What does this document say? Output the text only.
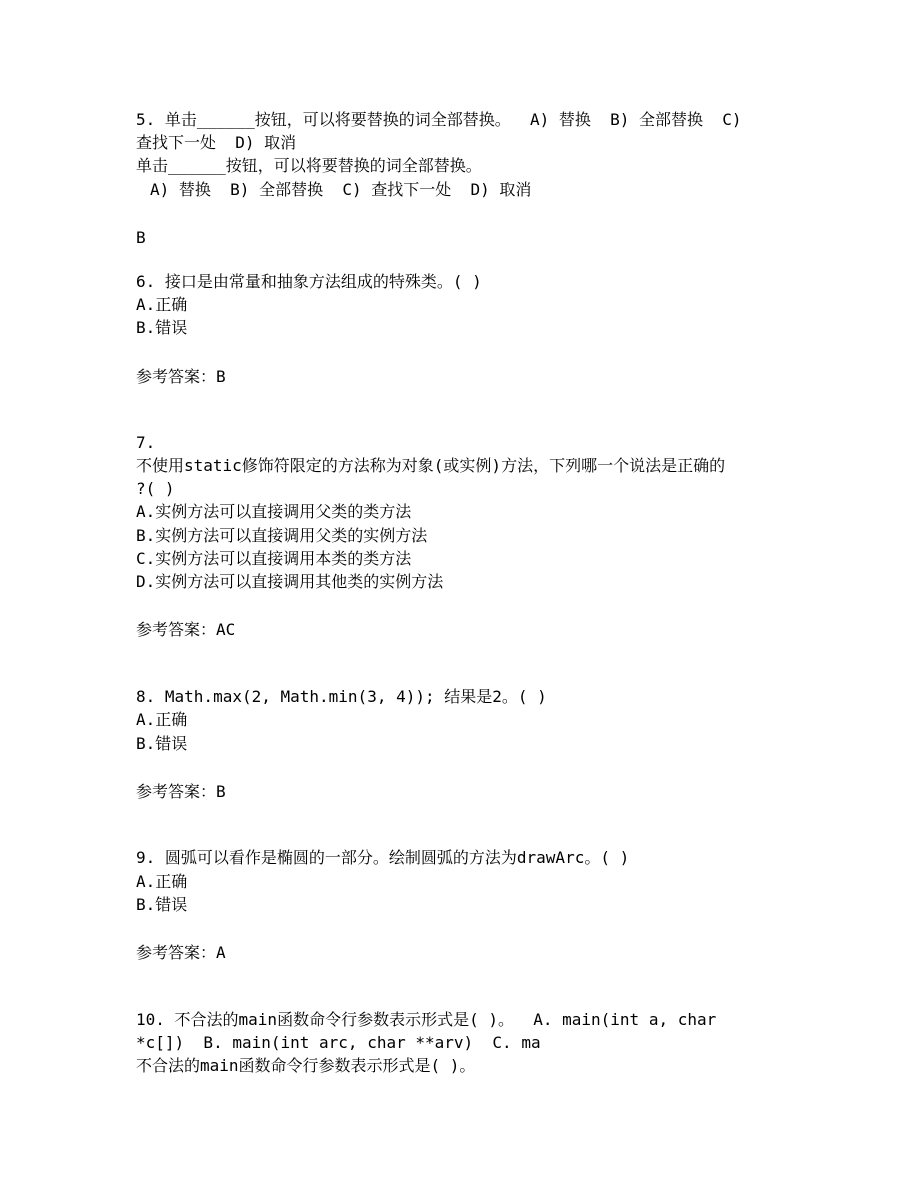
5. 单击______按钮，可以将要替换的词全部替换。  A) 替换  B) 全部替换  C)
查找下一处  D) 取消
单击______按钮，可以将要替换的词全部替换。
A) 替换  B) 全部替换  C) 查找下一处  D) 取消
B
6. 接口是由常量和抽象方法组成的特殊类。( )
A.正确
B.错误
参考答案：B
7.
不使用static修饰符限定的方法称为对象(或实例)方法，下列哪一个说法是正确的
?( )
A.实例方法可以直接调用父类的类方法
B.实例方法可以直接调用父类的实例方法
C.实例方法可以直接调用本类的类方法
D.实例方法可以直接调用其他类的实例方法
参考答案：AC
8. Math.max(2, Math.min(3, 4)); 结果是2。( )
A.正确
B.错误
参考答案：B
9. 圆弧可以看作是椭圆的一部分。绘制圆弧的方法为drawArc。( )
A.正确
B.错误
参考答案：A
10. 不合法的main函数命令行参数表示形式是( )。  A. main(int a, char
*c[])  B. main(int arc, char **arv)  C. ma
不合法的main函数命令行参数表示形式是( )。
